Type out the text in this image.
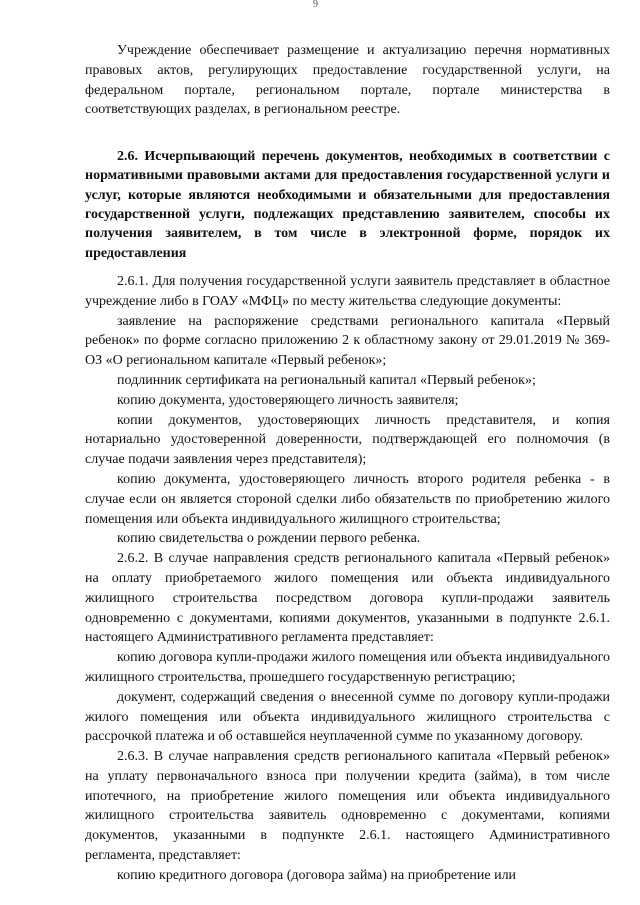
9

Учреждение обеспечивает размещение и актуализацию перечня нормативных правовых актов, регулирующих предоставление государственной услуги, на федеральном портале, региональном портале, портале министерства в соответствующих разделах, в региональном реестре.

2.6. Исчерпывающий перечень документов, необходимых в соответствии с нормативными правовыми актами для предоставления государственной услуги и услуг, которые являются необходимыми и обязательными для предоставления государственной услуги, подлежащих представлению заявителем, способы их получения заявителем, в том числе в электронной форме, порядок их предоставления

2.6.1. Для получения государственной услуги заявитель представляет в областное учреждение либо в ГОАУ «МФЦ» по месту жительства следующие документы:

заявление на распоряжение средствами регионального капитала «Первый ребенок» по форме согласно приложению 2 к областному закону от 29.01.2019 № 369-ОЗ «О региональном капитале «Первый ребенок»;

подлинник сертификата на региональный капитал «Первый ребенок»;

копию документа, удостоверяющего личность заявителя;

копии документов, удостоверяющих личность представителя, и копия нотариально удостоверенной доверенности, подтверждающей его полномочия (в случае подачи заявления через представителя);

копию документа, удостоверяющего личность второго родителя ребенка - в случае если он является стороной сделки либо обязательств по приобретению жилого помещения или объекта индивидуального жилищного строительства;

копию свидетельства о рождении первого ребенка.

2.6.2. В случае направления средств регионального капитала «Первый ребенок» на оплату приобретаемого жилого помещения или объекта индивидуального жилищного строительства посредством договора купли-продажи заявитель одновременно с документами, копиями документов, указанными в подпункте 2.6.1. настоящего Административного регламента представляет:

копию договора купли-продажи жилого помещения или объекта индивидуального жилищного строительства, прошедшего государственную регистрацию;

документ, содержащий сведения о внесенной сумме по договору купли-продажи жилого помещения или объекта индивидуального жилищного строительства с рассрочкой платежа и об оставшейся неуплаченной сумме по указанному договору.

2.6.3. В случае направления средств регионального капитала «Первый ребенок» на уплату первоначального взноса при получении кредита (займа), в том числе ипотечного, на приобретение жилого помещения или объекта индивидуального жилищного строительства заявитель одновременно с документами, копиями документов, указанными в подпункте 2.6.1. настоящего Административного регламента, представляет:

копию кредитного договора (договора займа) на приобретение или
